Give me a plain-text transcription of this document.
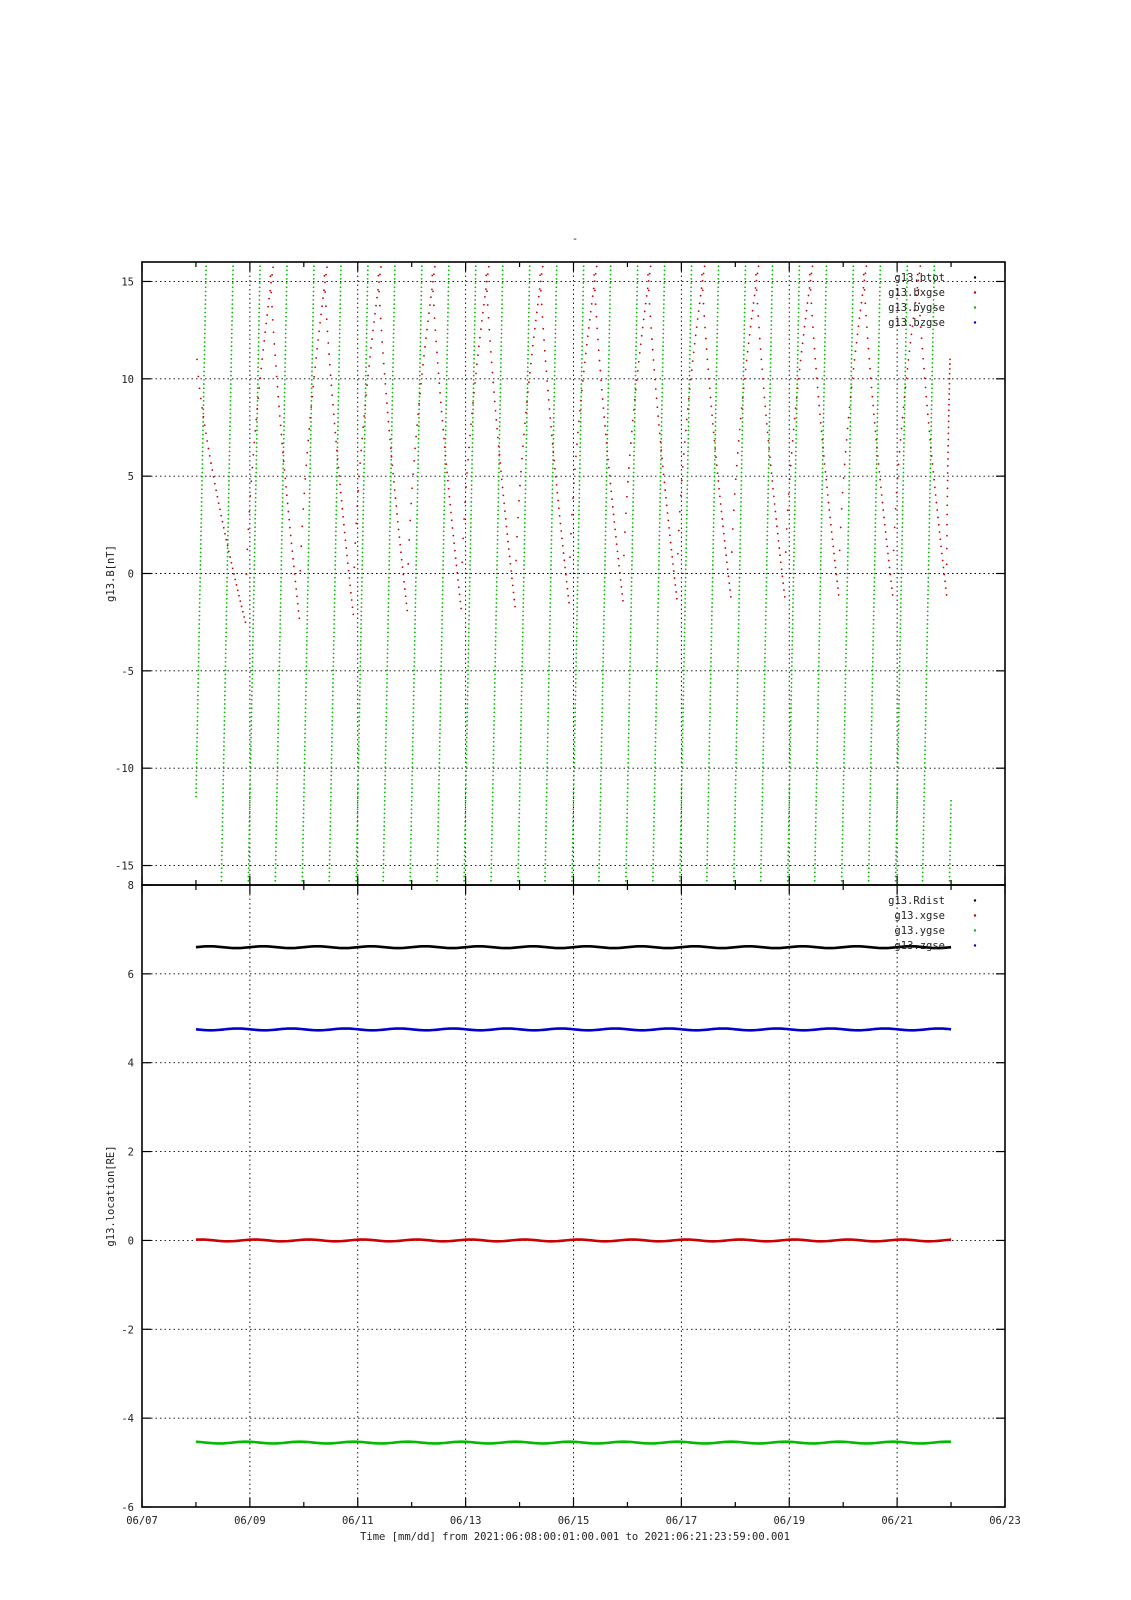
-
15
10
5
0
-5
-10
-15
g13.B[nT]
g13.btot
g13.bxgse
g13.bygse
g13.bzgse
8
6
4
2
0
-2
-4
-6
g13.location[RE]
g13.Rdist
g13.xgse
g13.ygse
g13.zgse
Time [mm/dd] from 2021:06:08:00:01:00.001 to 2021:06:21:23:59:00.001
06/07	06/09	06/11	06/13	06/15	06/17	06/19	06/21	06/23
